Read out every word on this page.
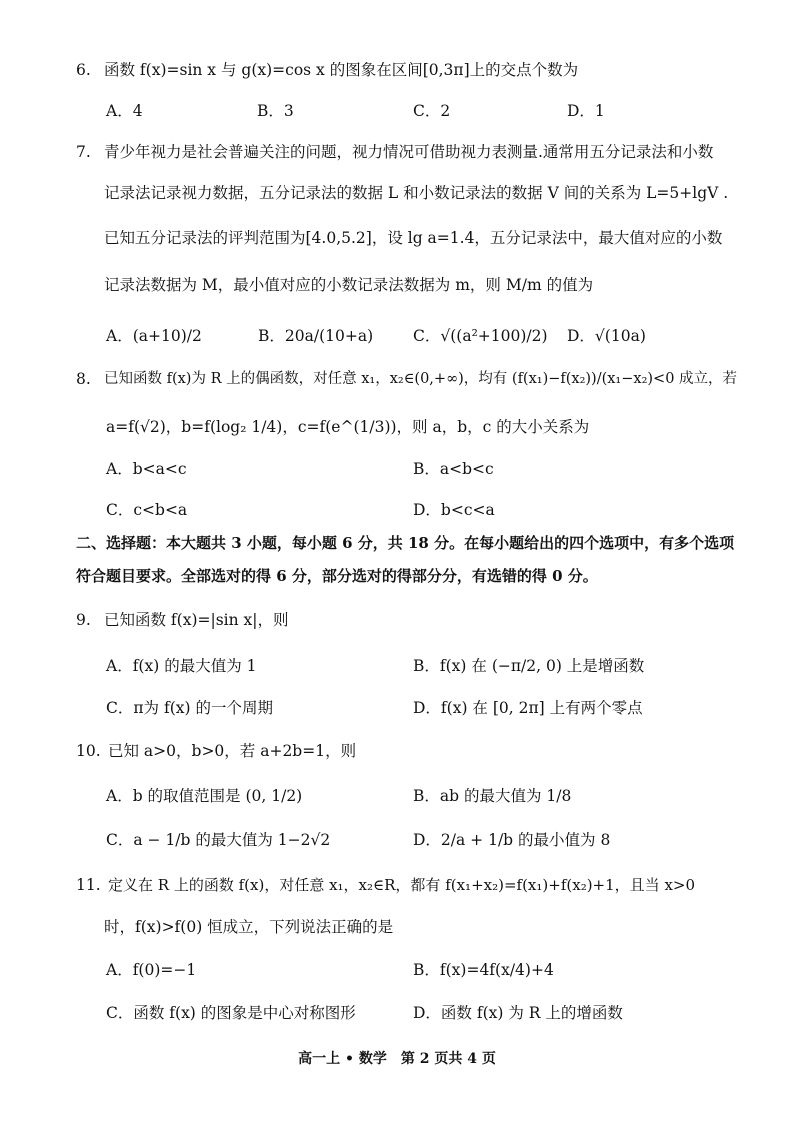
6. 函数 f(x)=sin x 与 g(x)=cos x 的图象在区间[0,3π]上的交点个数为
A．4	B．3	C．2	D．1
7. 青少年视力是社会普遍关注的问题，视力情况可借助视力表测量.通常用五分记录法和小数
记录法记录视力数据，五分记录法的数据 L 和小数记录法的数据 V 间的关系为 L=5+lgV .
已知五分记录法的评判范围为[4.0,5.2]，设 lg a=1.4，五分记录法中，最大值对应的小数
记录法数据为 M，最小值对应的小数记录法数据为 m，则 M/m 的值为
A．(a+10)/2	B．20a/(10+a)	C．√((a²+100)/2) D．√(10a)
8. 已知函数 f(x)为 R 上的偶函数，对任意 x₁，x₂∈(0,+∞)，均有 (f(x₁)−f(x₂))/(x₁−x₂)<0 成立，若
a=f(√2)，b=f(log₂ 1/4)，c=f(e^(1/3))，则 a，b，c 的大小关系为
A．b<a<c	B．a<b<c
C．c<b<a	D．b<c<a
二、选择题：本大题共 3 小题，每小题 6 分，共 18 分。在每小题给出的四个选项中，有多个选项
符合题目要求。全部选对的得 6 分，部分选对的得部分分，有选错的得 0 分。
9. 已知函数 f(x)=|sin x|，则
A．f(x) 的最大值为 1	B．f(x) 在 (−π/2, 0) 上是增函数
C．π为 f(x) 的一个周期	D．f(x) 在 [0, 2π] 上有两个零点
10. 已知 a>0，b>0，若 a+2b=1，则
A．b 的取值范围是 (0, 1/2)	B．ab 的最大值为 1/8
C．a − 1/b 的最大值为 1−2√2	D．2/a + 1/b 的最小值为 8
11. 定义在 R 上的函数 f(x)，对任意 x₁，x₂∈R，都有 f(x₁+x₂)=f(x₁)+f(x₂)+1，且当 x>0
时，f(x)>f(0) 恒成立，下列说法正确的是
A．f(0)=−1	B．f(x)=4f(x/4)+4
C．函数 f(x) 的图象是中心对称图形	D．函数 f(x) 为 R 上的增函数
高一上 • 数学　第 2 页共 4 页
